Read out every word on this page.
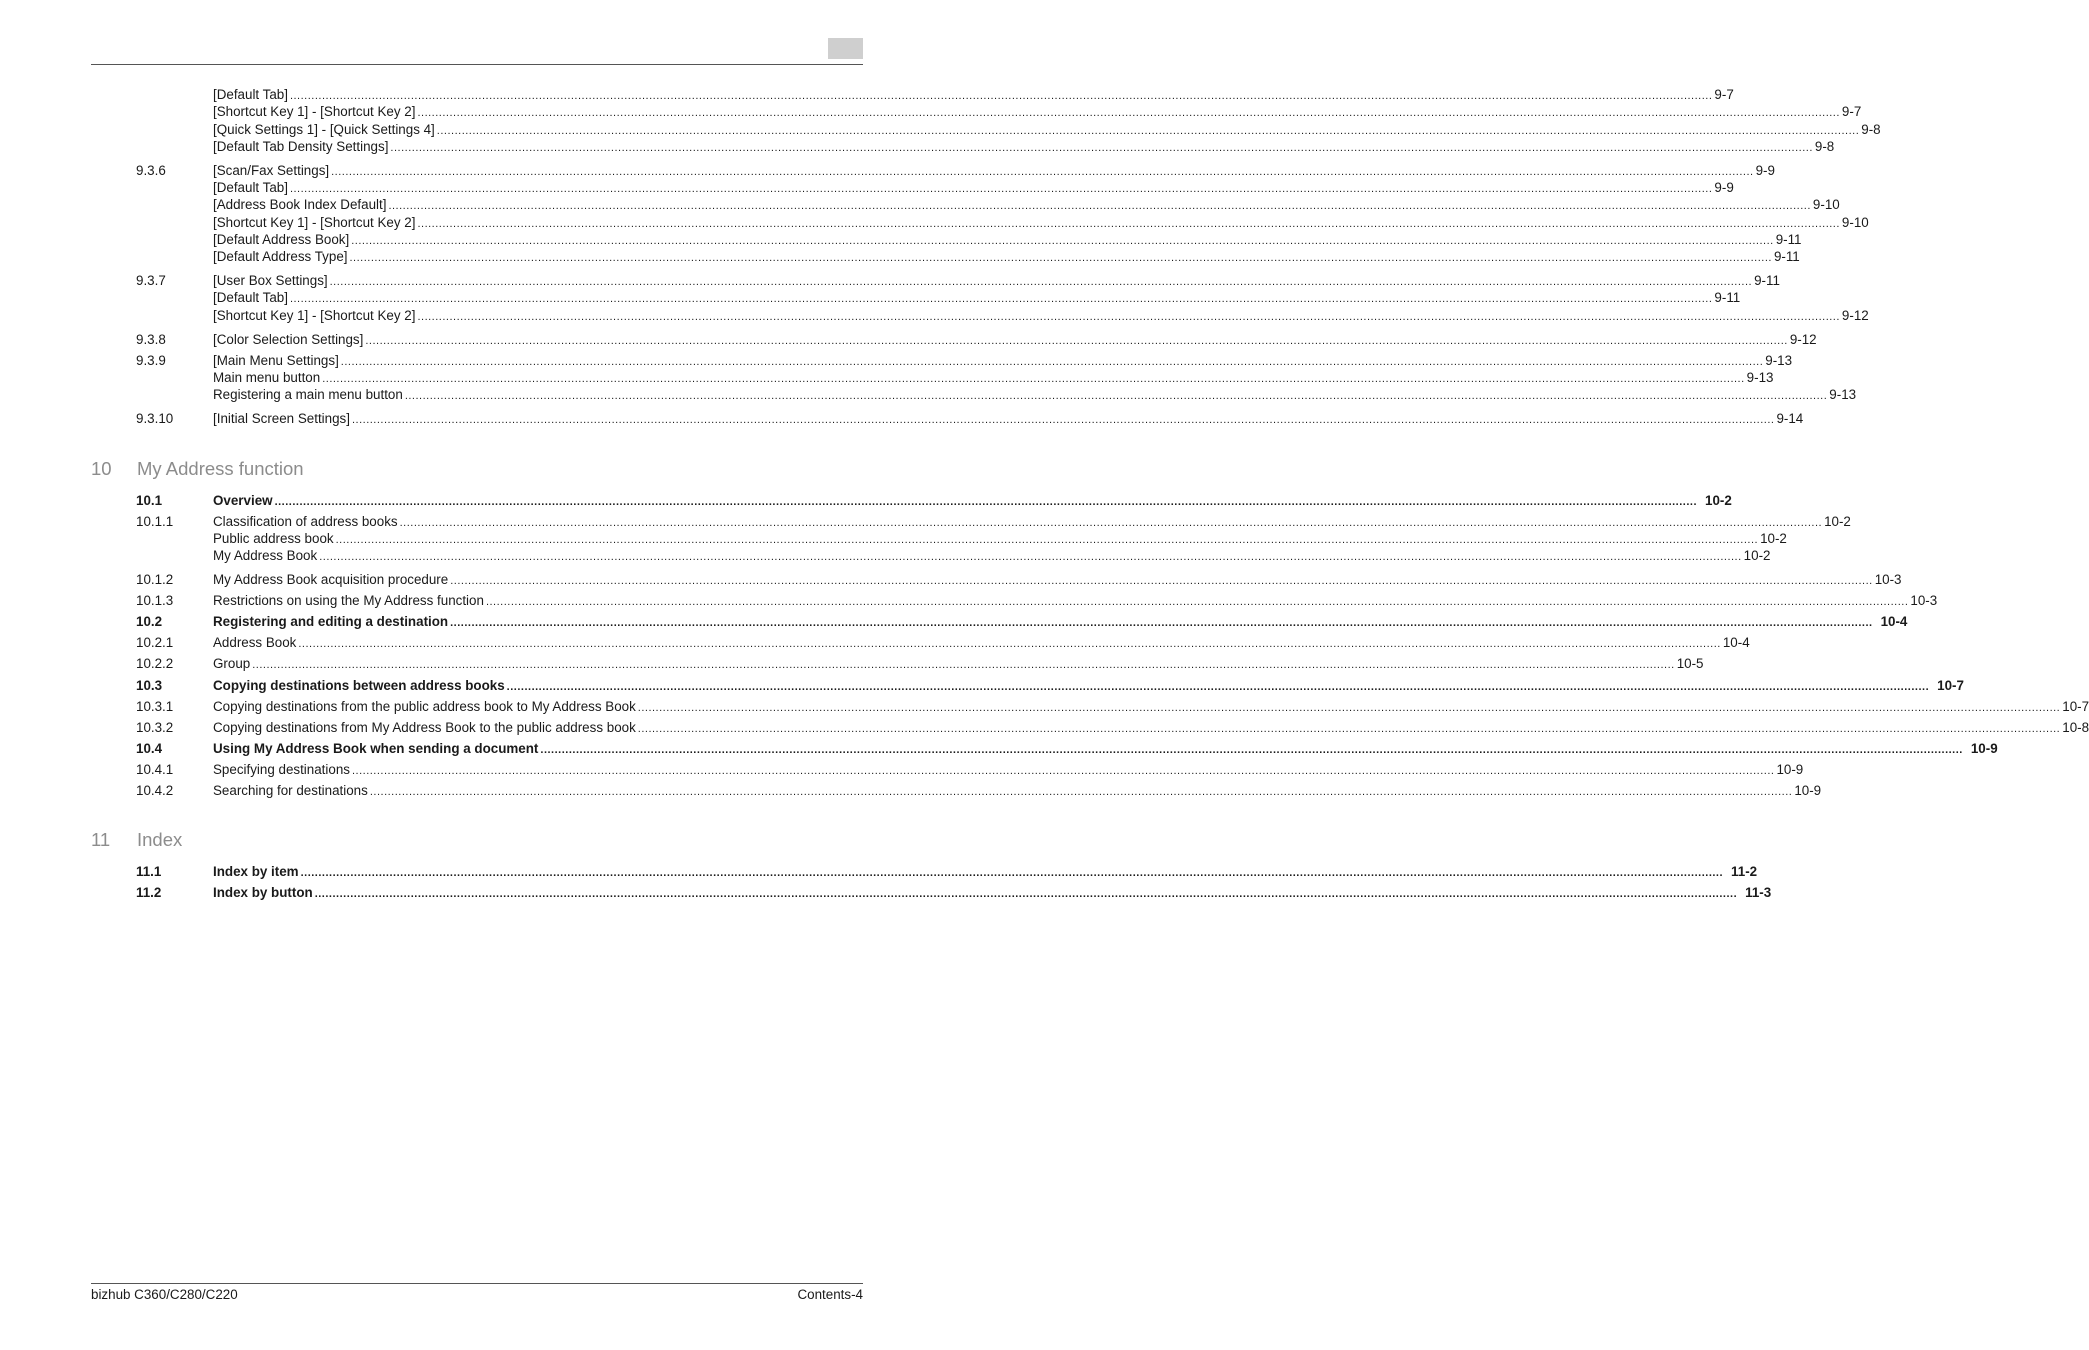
[Default Tab] ................................................................................................................................................................................................................................................................................................................................................................................................................ 9-7
[Shortcut Key 1] - [Shortcut Key 2] ................................................................................................................................................................................................................................................................................................................................................................................................................ 9-7
[Quick Settings 1] - [Quick Settings 4] ................................................................................................................................................................................................................................................................................................................................................................................................................ 9-8
[Default Tab Density Settings] ................................................................................................................................................................................................................................................................................................................................................................................................................ 9-8
9.3.6	[Scan/Fax Settings] ................................................................................................................................................................................................................................................................................................................................................................................................................ 9-9
[Default Tab] ................................................................................................................................................................................................................................................................................................................................................................................................................ 9-9
[Address Book Index Default] ................................................................................................................................................................................................................................................................................................................................................................................................................ 9-10
[Shortcut Key 1] - [Shortcut Key 2] ................................................................................................................................................................................................................................................................................................................................................................................................................ 9-10
[Default Address Book] ................................................................................................................................................................................................................................................................................................................................................................................................................ 9-11
[Default Address Type] ................................................................................................................................................................................................................................................................................................................................................................................................................ 9-11
9.3.7	[User Box Settings] ................................................................................................................................................................................................................................................................................................................................................................................................................ 9-11
[Default Tab] ................................................................................................................................................................................................................................................................................................................................................................................................................ 9-11
[Shortcut Key 1] - [Shortcut Key 2] ................................................................................................................................................................................................................................................................................................................................................................................................................ 9-12
9.3.8	[Color Selection Settings] ................................................................................................................................................................................................................................................................................................................................................................................................................ 9-12
9.3.9	[Main Menu Settings] ................................................................................................................................................................................................................................................................................................................................................................................................................ 9-13
Main menu button ................................................................................................................................................................................................................................................................................................................................................................................................................ 9-13
Registering a main menu button ................................................................................................................................................................................................................................................................................................................................................................................................................ 9-13
9.3.10	[Initial Screen Settings] ................................................................................................................................................................................................................................................................................................................................................................................................................ 9-14
10 My Address function
10.1	Overview ................................................................................................................................................................................................................................................................................................................................................................................................................ 10-2
10.1.1	Classification of address books ................................................................................................................................................................................................................................................................................................................................................................................................................ 10-2
Public address book ................................................................................................................................................................................................................................................................................................................................................................................................................ 10-2
My Address Book ................................................................................................................................................................................................................................................................................................................................................................................................................ 10-2
10.1.2	My Address Book acquisition procedure ................................................................................................................................................................................................................................................................................................................................................................................................................ 10-3
10.1.3	Restrictions on using the My Address function ................................................................................................................................................................................................................................................................................................................................................................................................................ 10-3
10.2	Registering and editing a destination ................................................................................................................................................................................................................................................................................................................................................................................................................ 10-4
10.2.1	Address Book ................................................................................................................................................................................................................................................................................................................................................................................................................ 10-4
10.2.2	Group ................................................................................................................................................................................................................................................................................................................................................................................................................ 10-5
10.3	Copying destinations between address books ................................................................................................................................................................................................................................................................................................................................................................................................................ 10-7
10.3.1	Copying destinations from the public address book to My Address Book ................................................................................................................................................................................................................................................................................................................................................................................................................ 10-7
10.3.2	Copying destinations from My Address Book to the public address book ................................................................................................................................................................................................................................................................................................................................................................................................................ 10-8
10.4	Using My Address Book when sending a document ................................................................................................................................................................................................................................................................................................................................................................................................................ 10-9
10.4.1	Specifying destinations ................................................................................................................................................................................................................................................................................................................................................................................................................ 10-9
10.4.2	Searching for destinations ................................................................................................................................................................................................................................................................................................................................................................................................................ 10-9
11 Index
11.1	Index by item ................................................................................................................................................................................................................................................................................................................................................................................................................ 11-2
11.2	Index by button ................................................................................................................................................................................................................................................................................................................................................................................................................ 11-3
bizhub C360/C280/C220	Contents-4
